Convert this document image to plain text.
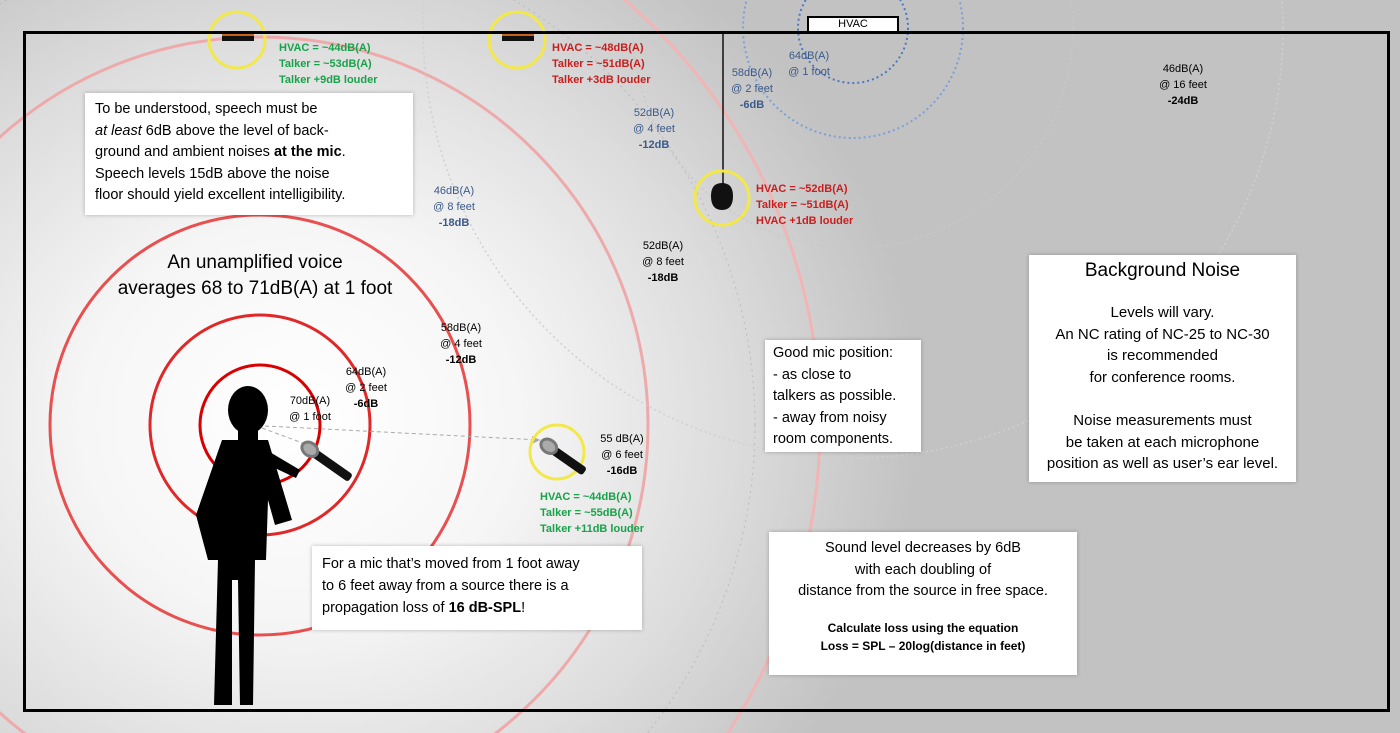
HVAC
To be understood, speech must be
at least 6dB above the level of back-
ground and ambient noises at the mic.
Speech levels 15dB above the noise
floor should yield excellent intelligibility.
An unamplified voice
averages 68 to 71dB(A) at 1 foot
For a mic that’s moved from 1 foot away
to 6 feet away from a source there is a
propagation loss of 16 dB-SPL!
Good mic position:
- as close to
talkers as possible.
- away from noisy
room components.
Background Noise
Levels will vary.
An NC rating of NC-25 to NC-30
is recommended
for conference rooms.
Noise measurements must
be taken at each microphone
position as well as user’s ear level.
Sound level decreases by 6dB
with each doubling of
distance from the source in free space.
Calculate loss using the equation
Loss = SPL – 20log(distance in feet)
70dB(A)
@ 1 foot
64dB(A)
@ 2 feet
-6dB
58dB(A)
@ 4 feet
-12dB
52dB(A)
@ 8 feet
-18dB
55 dB(A)
@ 6 feet
-16dB
64dB(A)
@ 1 foot
58dB(A)
@ 2 feet
-6dB
52dB(A)
@ 4 feet
-12dB
46dB(A)
@ 8 feet
-18dB
46dB(A)
@ 16 feet
-24dB
HVAC = ~44dB(A)
Talker = ~53dB(A)
Talker +9dB louder
HVAC = ~48dB(A)
Talker = ~51dB(A)
Talker +3dB louder
HVAC = ~52dB(A)
Talker = ~51dB(A)
HVAC +1dB louder
HVAC = ~44dB(A)
Talker = ~55dB(A)
Talker +11dB louder
